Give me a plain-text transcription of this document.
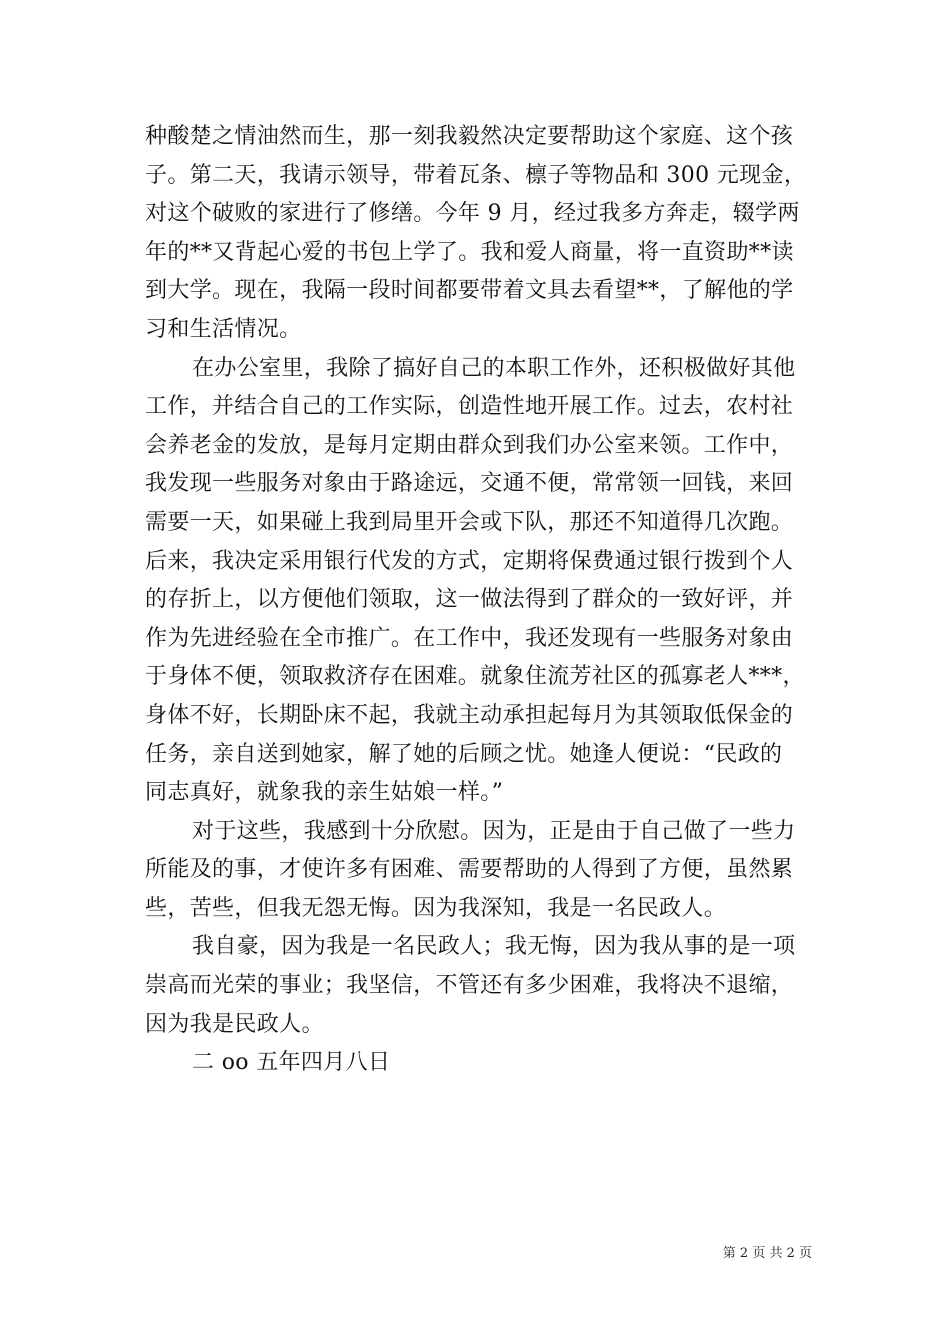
种酸楚之情油然而生，那一刻我毅然决定要帮助这个家庭、这个孩
子。第二天，我请示领导，带着瓦条、檩子等物品和 300 元现金，
对这个破败的家进行了修缮。今年 9 月，经过我多方奔走，辍学两
年的**又背起心爱的书包上学了。我和爱人商量，将一直资助**读
到大学。现在，我隔一段时间都要带着文具去看望**，了解他的学
习和生活情况。
在办公室里，我除了搞好自己的本职工作外，还积极做好其他
工作，并结合自己的工作实际，创造性地开展工作。过去，农村社
会养老金的发放，是每月定期由群众到我们办公室来领。工作中，
我发现一些服务对象由于路途远，交通不便，常常领一回钱，来回
需要一天，如果碰上我到局里开会或下队，那还不知道得几次跑。
后来，我决定采用银行代发的方式，定期将保费通过银行拨到个人
的存折上，以方便他们领取，这一做法得到了群众的一致好评，并
作为先进经验在全市推广。在工作中，我还发现有一些服务对象由
于身体不便，领取救济存在困难。就象住流芳社区的孤寡老人***，
身体不好，长期卧床不起，我就主动承担起每月为其领取低保金的
任务，亲自送到她家，解了她的后顾之忧。她逢人便说：“民政的
同志真好，就象我的亲生姑娘一样。”
对于这些，我感到十分欣慰。因为，正是由于自己做了一些力
所能及的事，才使许多有困难、需要帮助的人得到了方便，虽然累
些，苦些，但我无怨无悔。因为我深知，我是一名民政人。
我自豪，因为我是一名民政人；我无悔，因为我从事的是一项
崇高而光荣的事业；我坚信，不管还有多少困难，我将决不退缩，
因为我是民政人。
二 oo 五年四月八日
第 2 页 共 2 页
